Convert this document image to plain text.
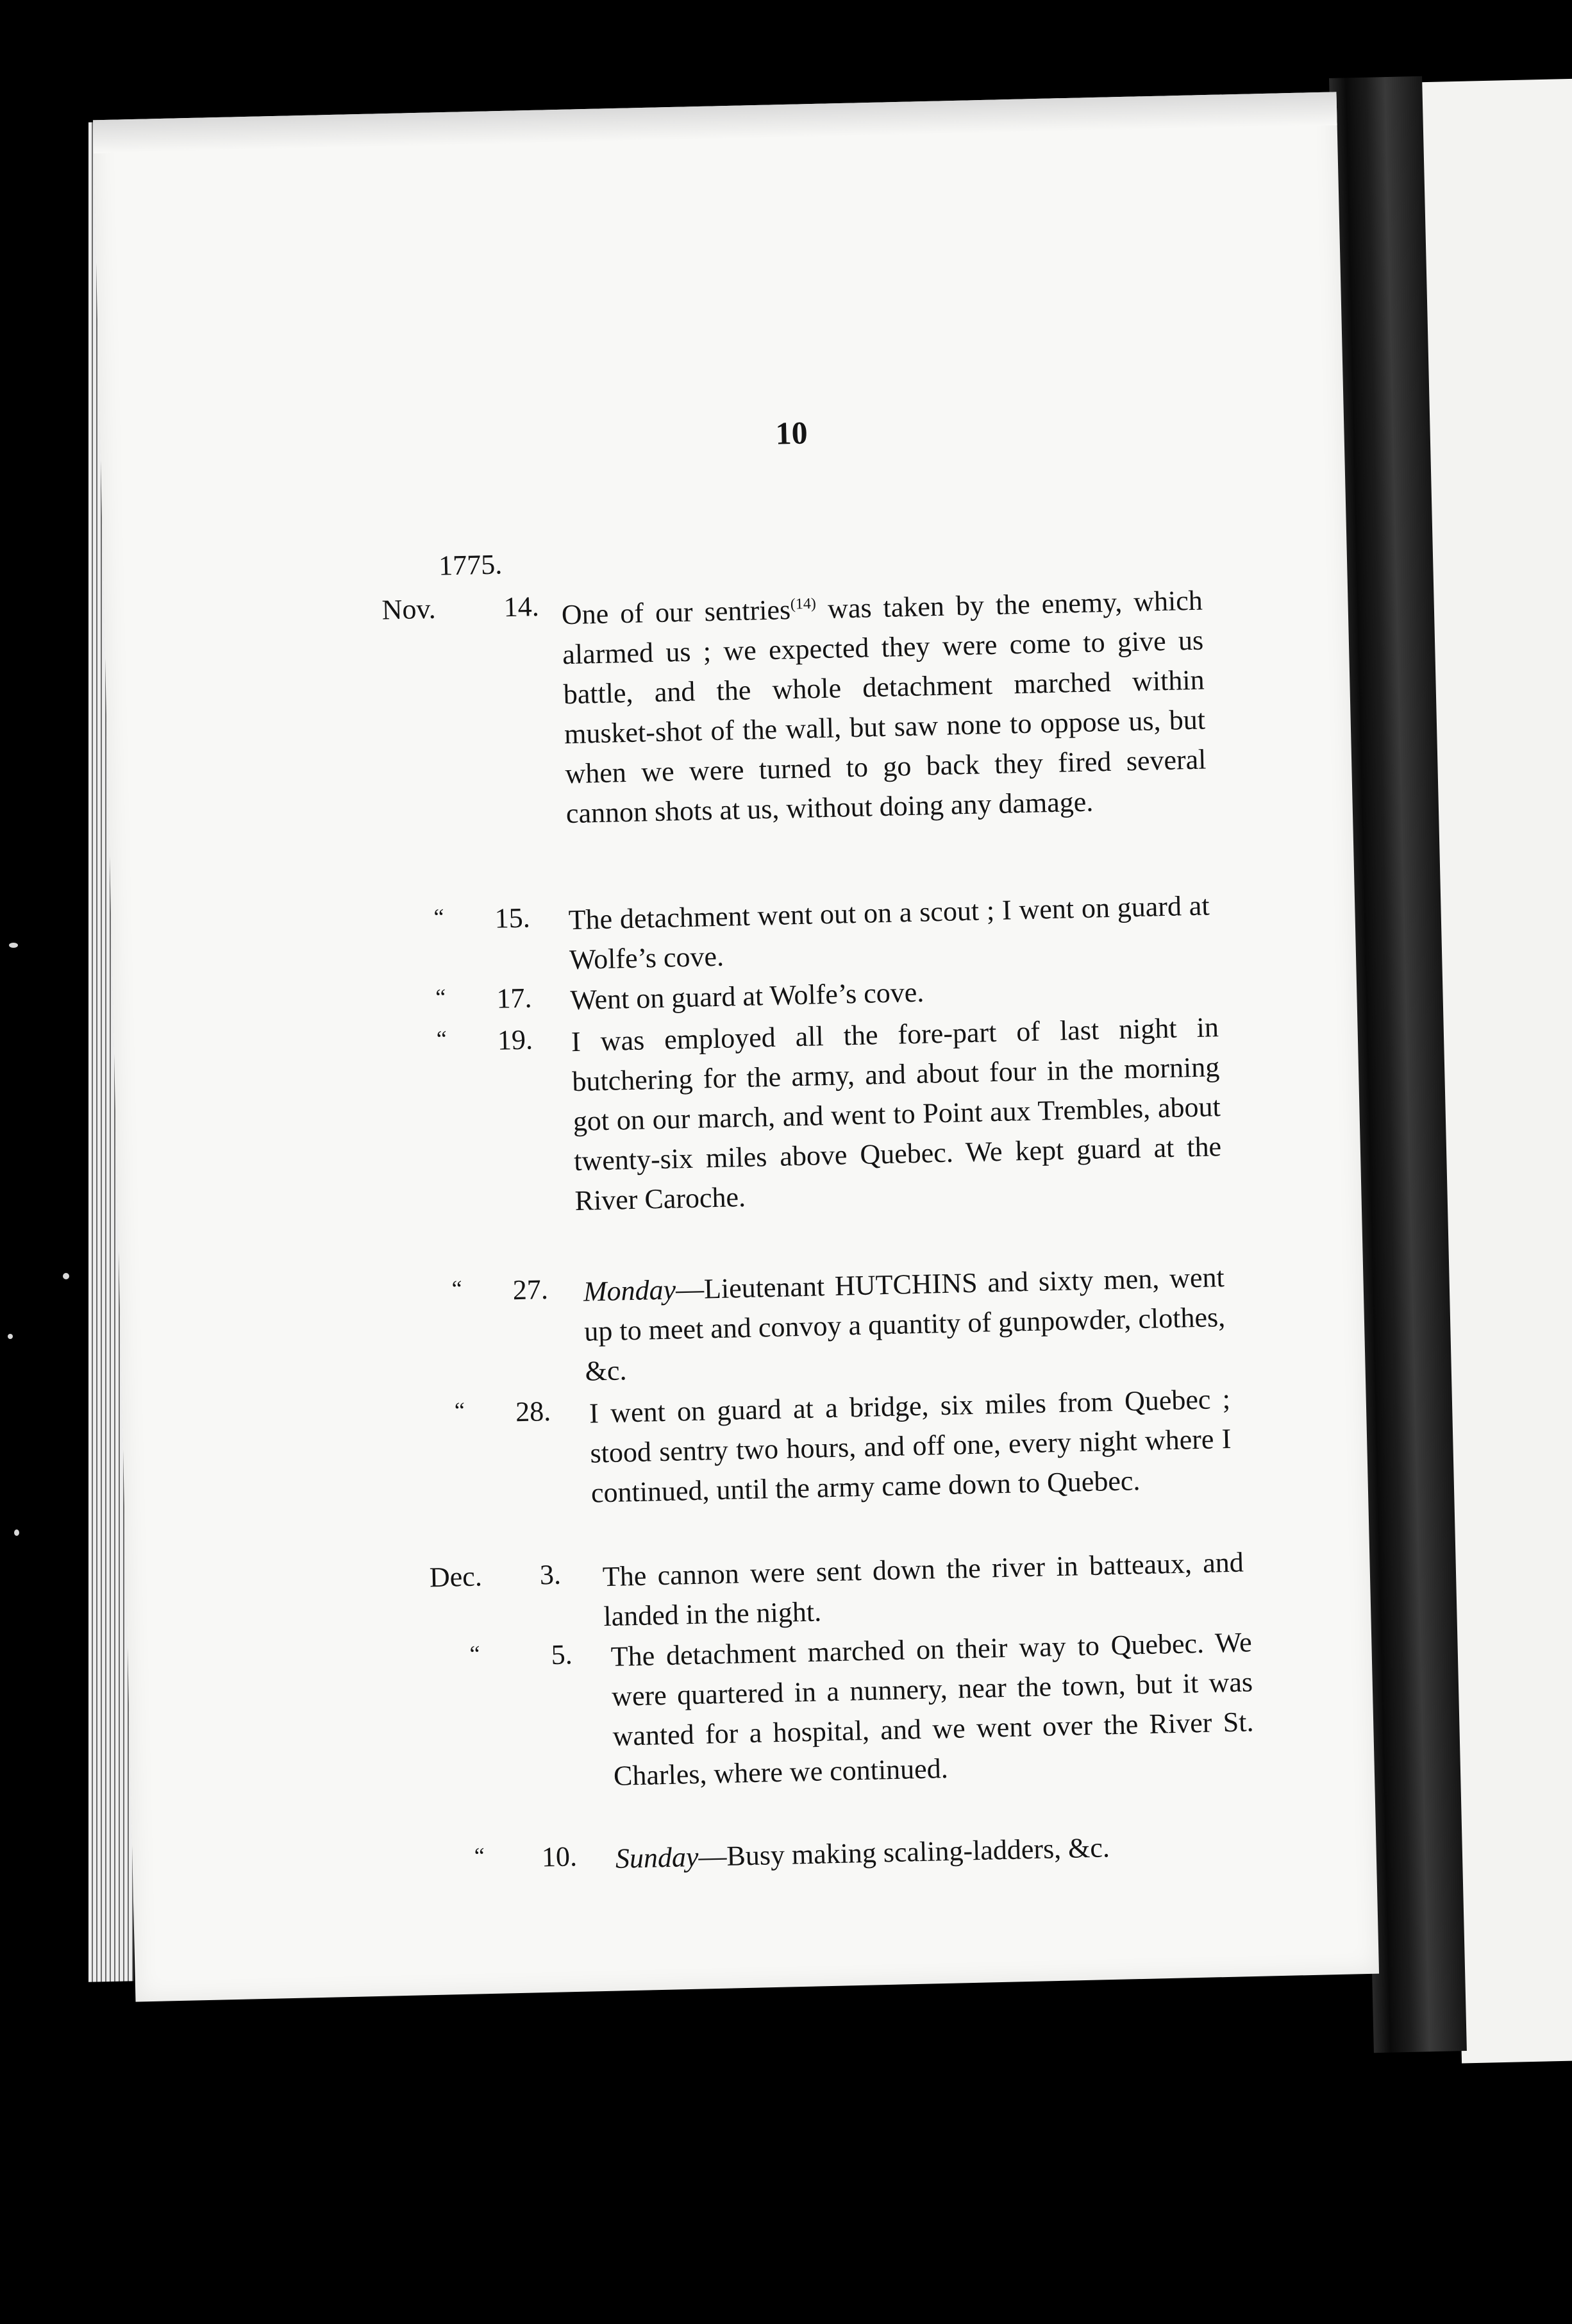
10
1775.
Nov.	14. One of our sentries$^{(14)}$ was taken by the enemy, which alarmed us ; we expected they were come to give us battle, and the whole detachment marched within musket-shot of the wall, but saw none to oppose us, but when we were turned to go back they fired several cannon shots at us, without doing any damage.
“	15. The detachment went out on a scout ; I went on guard at Wolfe’s cove.
“	17. Went on guard at Wolfe’s cove.
“	19. I was employed all the fore-part of last night in butchering for the army, and about four in the morning got on our march, and went to Point aux Trembles, about twenty-six miles above Quebec. We kept guard at the River Caroche.
“	27. Monday—Lieutenant HUTCHINS and sixty men, went up to meet and convoy a quantity of gunpowder, clothes, &c.
“	28. I went on guard at a bridge, six miles from Quebec ; stood sentry two hours, and off one, every night where I continued, until the army came down to Quebec.
Dec.	3. The cannon were sent down the river in batteaux, and landed in the night.
“	5. The detachment marched on their way to Quebec. We were quartered in a nunnery, near the town, but it was wanted for a hospital, and we went over the River St. Charles, where we continued.
“	10. Sunday—Busy making scaling-ladders, &c.
